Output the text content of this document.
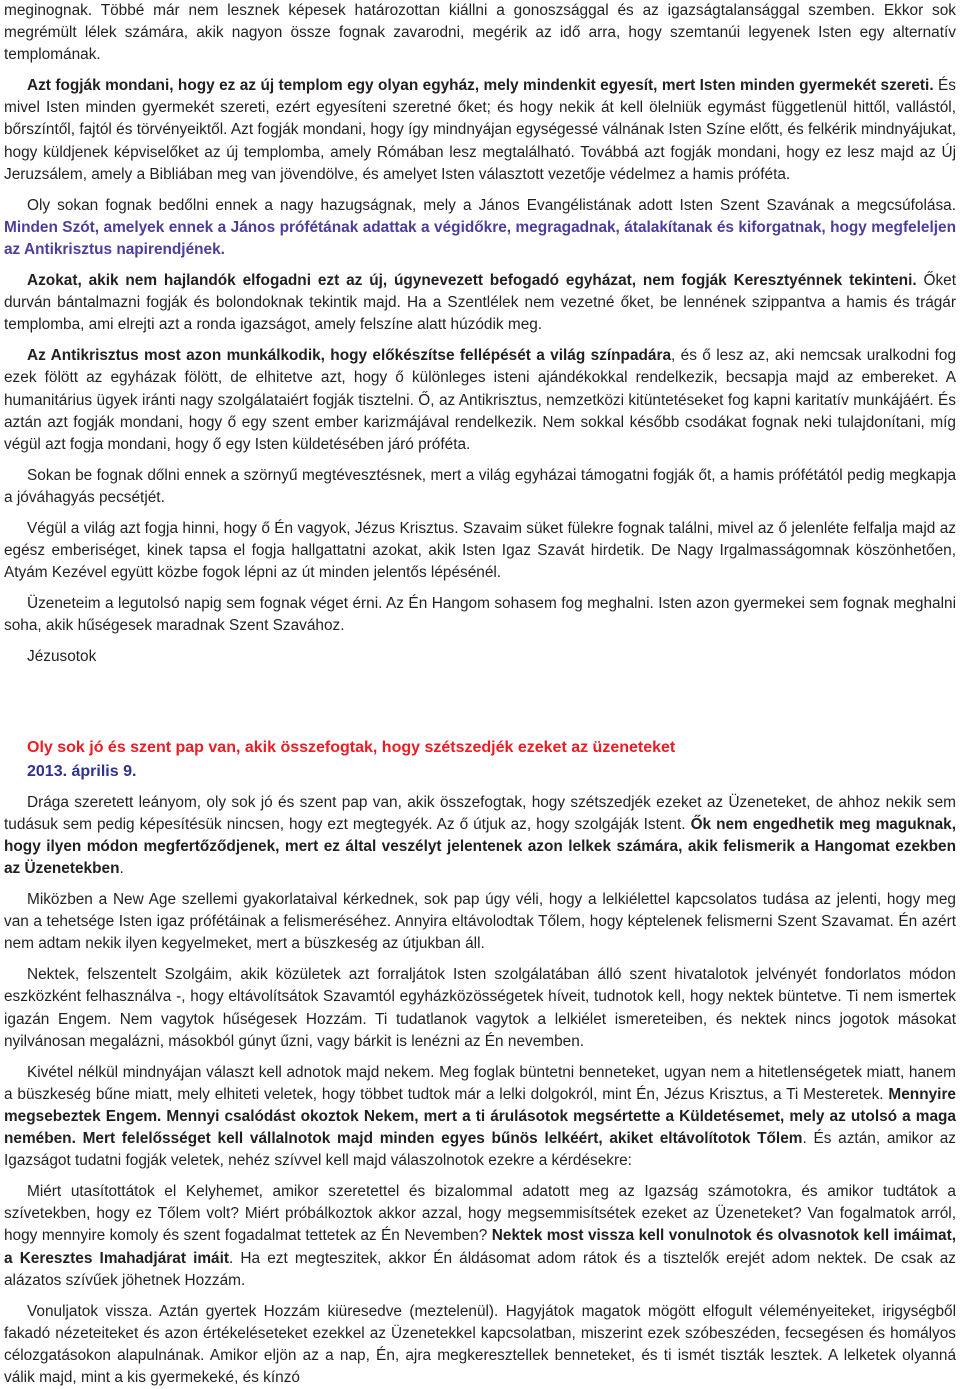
meginognak. Többé már nem lesznek képesek határozottan kiállni a gonoszsággal és az igazságtalansággal szemben. Ekkor sok megrémült lélek számára, akik nagyon össze fognak zavarodni, megérik az idő arra, hogy szemtanúi legyenek Isten egy alternatív templomának.

Azt fogják mondani, hogy ez az új templom egy olyan egyház, mely mindenkit egyesít, mert Isten minden gyermekét szereti. És mivel Isten minden gyermekét szereti, ezért egyesíteni szeretné őket; és hogy nekik át kell ölelniük egymást függetlenül hittől, vallástól, bőrszíntől, fajtól és törvényeiktől. Azt fogják mondani, hogy így mindnyájan egységessé válnának Isten Színe előtt, és felkérik mindnyájukat, hogy küldjenek képviselőket az új templomba, amely Rómában lesz megtalálható. Továbbá azt fogják mondani, hogy ez lesz majd az Új Jeruzsálem, amely a Bibliában meg van jövendölve, és amelyet Isten választott vezetője védelmez a hamis próféta.

Oly sokan fognak bedőlni ennek a nagy hazugságnak, mely a János Evangélistának adott Isten Szent Szavának a megcsúfolása. Minden Szót, amelyek ennek a János prófétának adattak a végidőkre, megragadnak, átalakítanak és kiforgatnak, hogy megfeleljen az Antikrisztus napirendjének.

Azokat, akik nem hajlandók elfogadni ezt az új, úgynevezett befogadó egyházat, nem fogják Keresztyénnek tekinteni. Őket durván bántalmazni fogják és bolondoknak tekintik majd. Ha a Szentlélek nem vezetné őket, be lennének szippantva a hamis és trágár templomba, ami elrejti azt a ronda igazságot, amely felszíne alatt húzódik meg.

Az Antikrisztus most azon munkálkodik, hogy előkészítse fellépését a világ színpadára, és ő lesz az, aki nemcsak uralkodni fog ezek fölött az egyházak fölött, de elhitetve azt, hogy ő különleges isteni ajándékokkal rendelkezik, becsapja majd az embereket. A humanitárius ügyek iránti nagy szolgálataiért fogják tisztelni. Ő, az Antikrisztus, nemzetközi kitüntetéseket fog kapni karitatív munkájáért. És aztán azt fogják mondani, hogy ő egy szent ember karizmájával rendelkezik. Nem sokkal később csodákat fognak neki tulajdonítani, míg végül azt fogja mondani, hogy ő egy Isten küldetésében járó próféta.

Sokan be fognak dőlni ennek a szörnyű megtévesztésnek, mert a világ egyházai támogatni fogják őt, a hamis prófétától pedig megkapja a jóváhagyás pecsétjét.

Végül a világ azt fogja hinni, hogy ő Én vagyok, Jézus Krisztus. Szavaim süket fülekre fognak találni, mivel az ő jelenléte felfalja majd az egész emberiséget, kinek tapsa el fogja hallgattatni azokat, akik Isten Igaz Szavát hirdetik. De Nagy Irgalmasságomnak köszönhetően, Atyám Kezével együtt közbe fogok lépni az út minden jelentős lépésénél.

Üzeneteim a legutolsó napig sem fognak véget érni. Az Én Hangom sohasem fog meghalni. Isten azon gyermekei sem fognak meghalni soha, akik hűségesek maradnak Szent Szavához.

Jézusotok

Oly sok jó és szent pap van, akik összefogtak, hogy szétszedjék ezeket az üzeneteket

2013. április 9.

Drága szeretett leányom, oly sok jó és szent pap van, akik összefogtak, hogy szétszedjék ezeket az Üzeneteket, de ahhoz nekik sem tudásuk sem pedig képesítésük nincsen, hogy ezt megtegyék. Az ő útjuk az, hogy szolgáják Istent. Ők nem engedhetik meg maguknak, hogy ilyen módon megfertőződjenek, mert ez által veszélyt jelentenek azon lelkek számára, akik felismerik a Hangomat ezekben az Üzenetekben.

Miközben a New Age szellemi gyakorlataival kérkednek, sok pap úgy véli, hogy a lelkiélettel kapcsolatos tudása az jelenti, hogy meg van a tehetsége Isten igaz prófétáinak a felismeréséhez. Annyira eltávolodtak Tőlem, hogy képtelenek felismerni Szent Szavamat. Én azért nem adtam nekik ilyen kegyelmeket, mert a büszkeség az útjukban áll.

Nektek, felszentelt Szolgáim, akik közületek azt forraljátok Isten szolgálatában álló szent hivatalotok jelvényét fondorlatos módon eszközként felhasználva -, hogy eltávolítsátok Szavamtól egyházközösségetek híveit, tudnotok kell, hogy nektek büntetve. Ti nem ismertek igazán Engem. Nem vagytok hűségesek Hozzám. Ti tudatlanok vagytok a lelkiélet ismereteiben, és nektek nincs jogotok másokat nyilvánosan megalázni, másokból gúnyt űzni, vagy bárkit is lenézni az Én nevemben.

Kivétel nélkül mindnyájan választ kell adnotok majd nekem. Meg foglak büntetni benneteket, ugyan nem a hitetlenségetek miatt, hanem a büszkeség bűne miatt, mely elhiteti veletek, hogy többet tudtok már a lelki dolgokról, mint Én, Jézus Krisztus, a Ti Mesteretek. Mennyire megsebeztek Engem. Mennyi csalódást okoztok Nekem, mert a ti árulásotok megsértette a Küldetésemet, mely az utolsó a maga nemében. Mert felelősséget kell vállalnotok majd minden egyes bűnös lelkéért, akiket eltávolítotok Tőlem. És aztán, amikor az Igazságot tudatni fogják veletek, nehéz szívvel kell majd válaszolnotok ezekre a kérdésekre:

Miért utasítottátok el Kelyhemet, amikor szeretettel és bizalommal adatott meg az Igazság számotokra, és amikor tudtátok a szívetekben, hogy ez Tőlem volt? Miért próbálkoztok akkor azzal, hogy megsemmisítsétek ezeket az Üzeneteket? Van fogalmatok arról, hogy mennyire komoly és szent fogadalmat tettetek az Én Nevemben? Nektek most vissza kell vonulnotok és olvasnotok kell imáimat, a Keresztes Imahadjárat imáit. Ha ezt megteszitek, akkor Én áldásomat adom rátok és a tisztelők erejét adom nektek. De csak az alázatos szívűek jöhetnek Hozzám.

Vonuljatok vissza. Aztán gyertek Hozzám kiüresedve (meztelenül). Hagyjátok magatok mögött elfogult véleményeiteket, irigységből fakadó nézeteiteket és azon értékeléseteket ezekkel az Üzenetekkel kapcsolatban, miszerint ezek szóbeszéden, fecsegésen és homályos célozgatásokon alapulnának. Amikor eljön az a nap, Én, ajra megkeresztellek benneteket, és ti ismét tiszták lesztek. A lelketek olyanná válik majd, mint a kis gyermekeké, és kínzó
